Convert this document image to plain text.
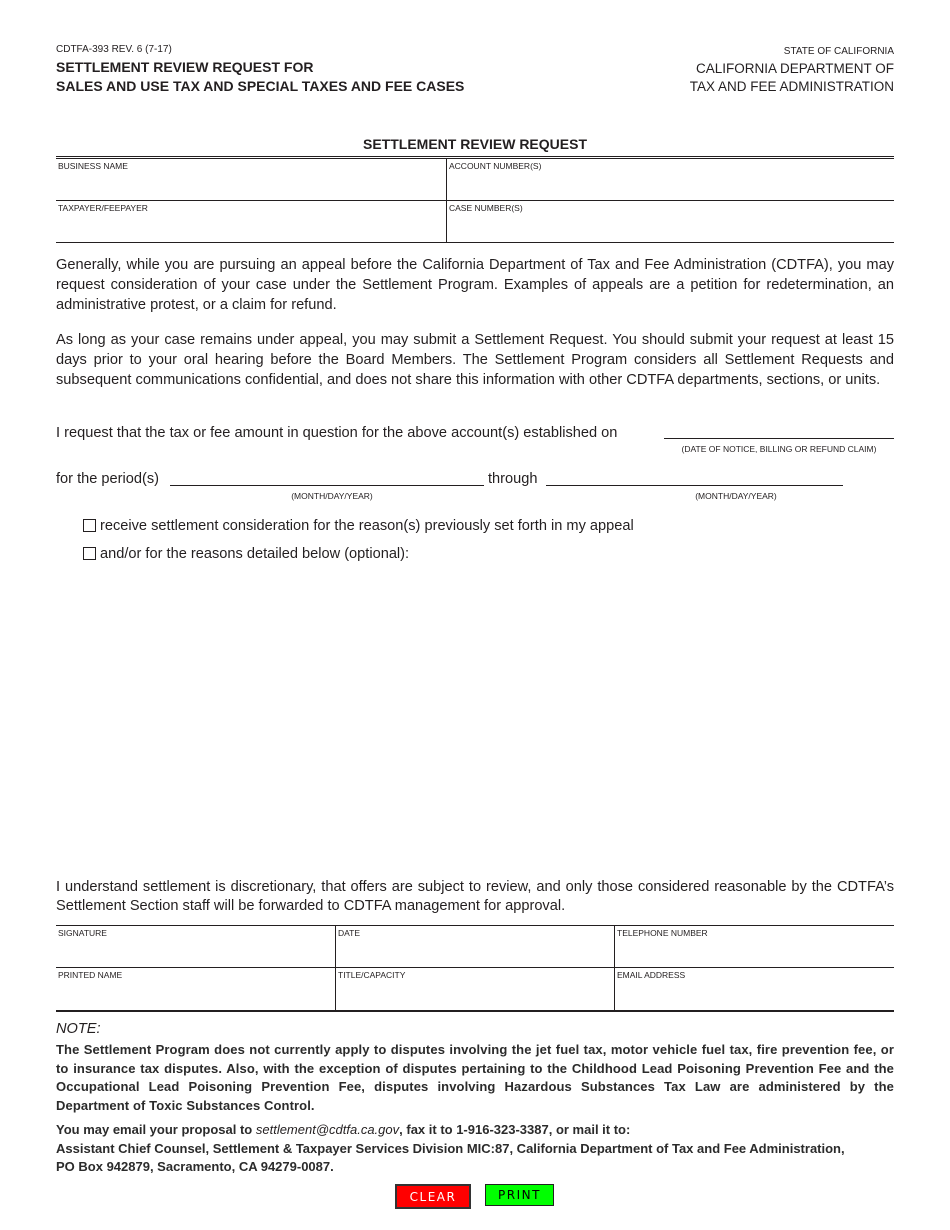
CDTFA-393 REV. 6 (7-17)
SETTLEMENT REVIEW REQUEST FOR
SALES AND USE TAX AND SPECIAL TAXES AND FEE CASES
STATE OF CALIFORNIA
CALIFORNIA DEPARTMENT OF
TAX AND FEE ADMINISTRATION
SETTLEMENT REVIEW REQUEST
BUSINESS NAME	ACCOUNT NUMBER(S)
TAXPAYER/FEEPAYER	CASE NUMBER(S)

Generally, while you are pursuing an appeal before the California Department of Tax and Fee Administration (CDTFA), you may request consideration of your case under the Settlement Program. Examples of appeals are a petition for redetermination, an administrative protest, or a claim for refund.

As long as your case remains under appeal, you may submit a Settlement Request. You should submit your request at least 15 days prior to your oral hearing before the Board Members. The Settlement Program considers all Settlement Requests and subsequent communications confidential, and does not share this information with other CDTFA departments, sections, or units.

I request that the tax or fee amount in question for the above account(s) established on
(DATE OF NOTICE, BILLING OR REFUND CLAIM)
for the period(s)
(MONTH/DAY/YEAR)
through
(MONTH/DAY/YEAR)
receive settlement consideration for the reason(s) previously set forth in my appeal
and/or for the reasons detailed below (optional):

I understand settlement is discretionary, that offers are subject to review, and only those considered reasonable by the CDTFA’s Settlement Section staff will be forwarded to CDTFA management for approval.

SIGNATURE	DATE	TELEPHONE NUMBER
PRINTED NAME	TITLE/CAPACITY	EMAIL ADDRESS
NOTE:

The Settlement Program does not currently apply to disputes involving the jet fuel tax, motor vehicle fuel tax, fire prevention fee, or to insurance tax disputes. Also, with the exception of disputes pertaining to the Childhood Lead Poisoning Prevention Fee and the Occupational Lead Poisoning Prevention Fee, disputes involving Hazardous Substances Tax Law are administered by the Department of Toxic Substances Control.

You may email your proposal to settlement@cdtfa.ca.gov, fax it to 1-916-323-3387, or mail it to:
Assistant Chief Counsel, Settlement & Taxpayer Services Division MIC:87, California Department of Tax and Fee Administration,
PO Box 942879, Sacramento, CA 94279-0087.
CLEAR	PRINT
